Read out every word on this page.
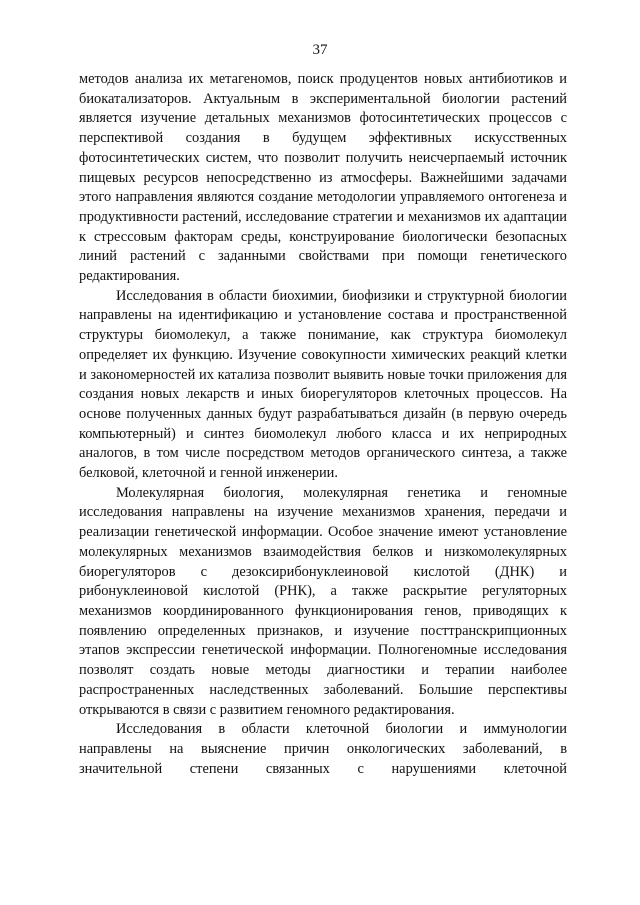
37

методов анализа их метагеномов, поиск продуцентов новых антибиотиков и биокатализаторов. Актуальным в экспериментальной биологии растений является изучение детальных механизмов фотосинтетических процессов с перспективой создания в будущем эффективных искусственных фотосинтетических систем, что позволит получить неисчерпаемый источник пищевых ресурсов непосредственно из атмосферы. Важнейшими задачами этого направления являются создание методологии управляемого онтогенеза и продуктивности растений, исследование стратегии и механизмов их адаптации к стрессовым факторам среды, конструирование биологически безопасных линий растений с заданными свойствами при помощи генетического редактирования.

Исследования в области биохимии, биофизики и структурной биологии направлены на идентификацию и установление состава и пространственной структуры биомолекул, а также понимание, как структура биомолекул определяет их функцию. Изучение совокупности химических реакций клетки и закономерностей их катализа позволит выявить новые точки приложения для создания новых лекарств и иных биорегуляторов клеточных процессов. На основе полученных данных будут разрабатываться дизайн (в первую очередь компьютерный) и синтез биомолекул любого класса и их неприродных аналогов, в том числе посредством методов органического синтеза, а также белковой, клеточной и генной инженерии.

Молекулярная биология, молекулярная генетика и геномные исследования направлены на изучение механизмов хранения, передачи и реализации генетической информации. Особое значение имеют установление молекулярных механизмов взаимодействия белков и низкомолекулярных биорегуляторов с дезоксирибонуклеиновой кислотой (ДНК) и рибонуклеиновой кислотой (РНК), а также раскрытие регуляторных механизмов координированного функционирования генов, приводящих к появлению определенных признаков, и изучение посттранскрипционных этапов экспрессии генетической информации. Полногеномные исследования позволят создать новые методы диагностики и терапии наиболее распространенных наследственных заболеваний. Большие перспективы открываются в связи с развитием геномного редактирования.

Исследования в области клеточной биологии и иммунологии направлены на выяснение причин онкологических заболеваний, в значительной степени связанных с нарушениями клеточной
